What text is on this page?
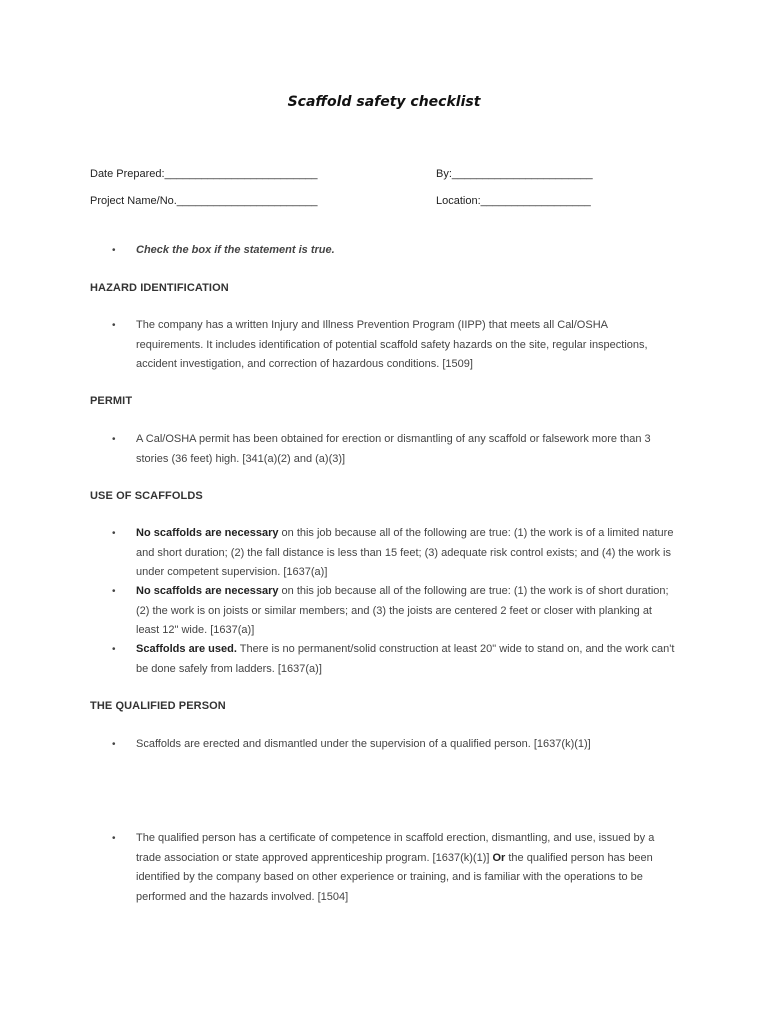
Scaffold safety checklist
Date Prepared:_________________________	By:_______________________
Project Name/No._______________________	Location:__________________
• Check the box if the statement is true.
HAZARD IDENTIFICATION
• The company has a written Injury and Illness Prevention Program (IIPP) that meets all Cal/OSHA requirements. It includes identification of potential scaffold safety hazards on the site, regular inspections, accident investigation, and correction of hazardous conditions. [1509]
PERMIT
• A Cal/OSHA permit has been obtained for erection or dismantling of any scaffold or falsework more than 3 stories (36 feet) high. [341(a)(2) and (a)(3)]
USE OF SCAFFOLDS
• No scaffolds are necessary on this job because all of the following are true: (1) the work is of a limited nature and short duration; (2) the fall distance is less than 15 feet; (3) adequate risk control exists; and (4) the work is under competent supervision. [1637(a)]
• No scaffolds are necessary on this job because all of the following are true: (1) the work is of short duration; (2) the work is on joists or similar members; and (3) the joists are centered 2 feet or closer with planking at least 12" wide. [1637(a)]
• Scaffolds are used. There is no permanent/solid construction at least 20" wide to stand on, and the work can't be done safely from ladders. [1637(a)]
THE QUALIFIED PERSON
• Scaffolds are erected and dismantled under the supervision of a qualified person. [1637(k)(1)]
• The qualified person has a certificate of competence in scaffold erection, dismantling, and use, issued by a trade association or state approved apprenticeship program. [1637(k)(1)] Or the qualified person has been identified by the company based on other experience or training, and is familiar with the operations to be performed and the hazards involved. [1504]
